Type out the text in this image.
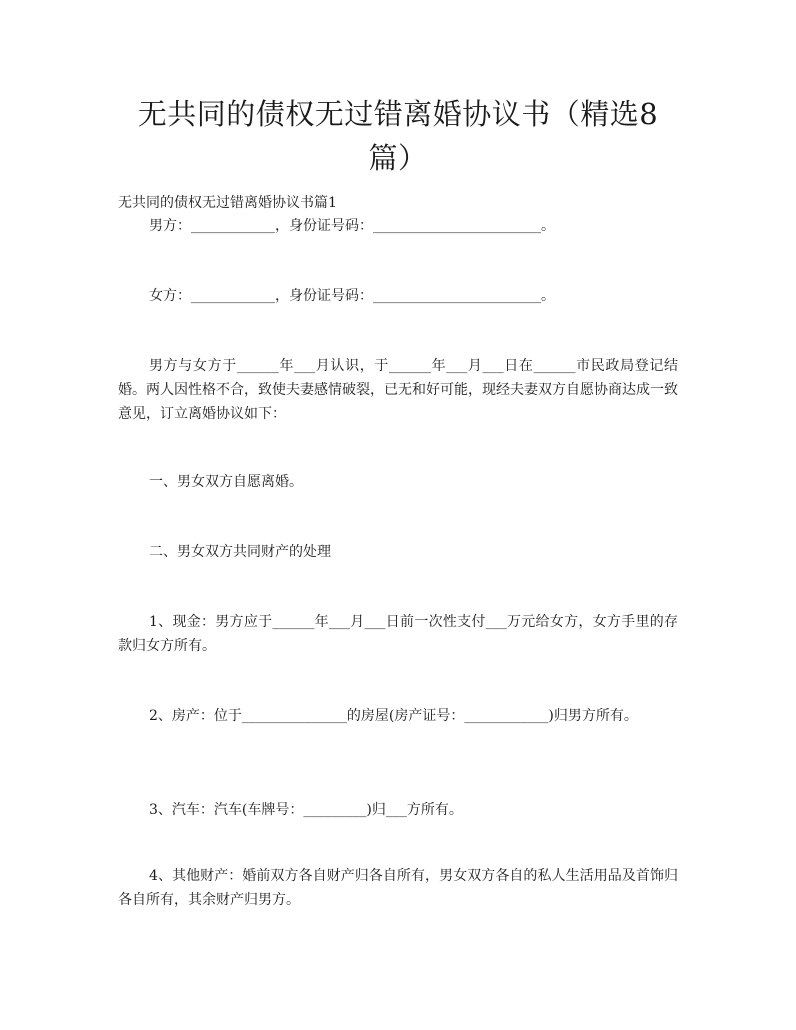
无共同的债权无过错离婚协议书（精选8篇）

无共同的债权无过错离婚协议书篇1

男方：____________，身份证号码：________________________。

女方：____________，身份证号码：________________________。

男方与女方于______年___月认识，于______年___月___日在______市民政局登记结婚。两人因性格不合，致使夫妻感情破裂，已无和好可能，现经夫妻双方自愿协商达成一致意见，订立离婚协议如下：

一、男女双方自愿离婚。

二、男女双方共同财产的处理

1、现金：男方应于______年___月___日前一次性支付___万元给女方，女方手里的存款归女方所有。

2、房产：位于_______________的房屋(房产证号：____________)归男方所有。

3、汽车：汽车(车牌号：_________)归___方所有。

4、其他财产：婚前双方各自财产归各自所有，男女双方各自的私人生活用品及首饰归各自所有，其余财产归男方。
